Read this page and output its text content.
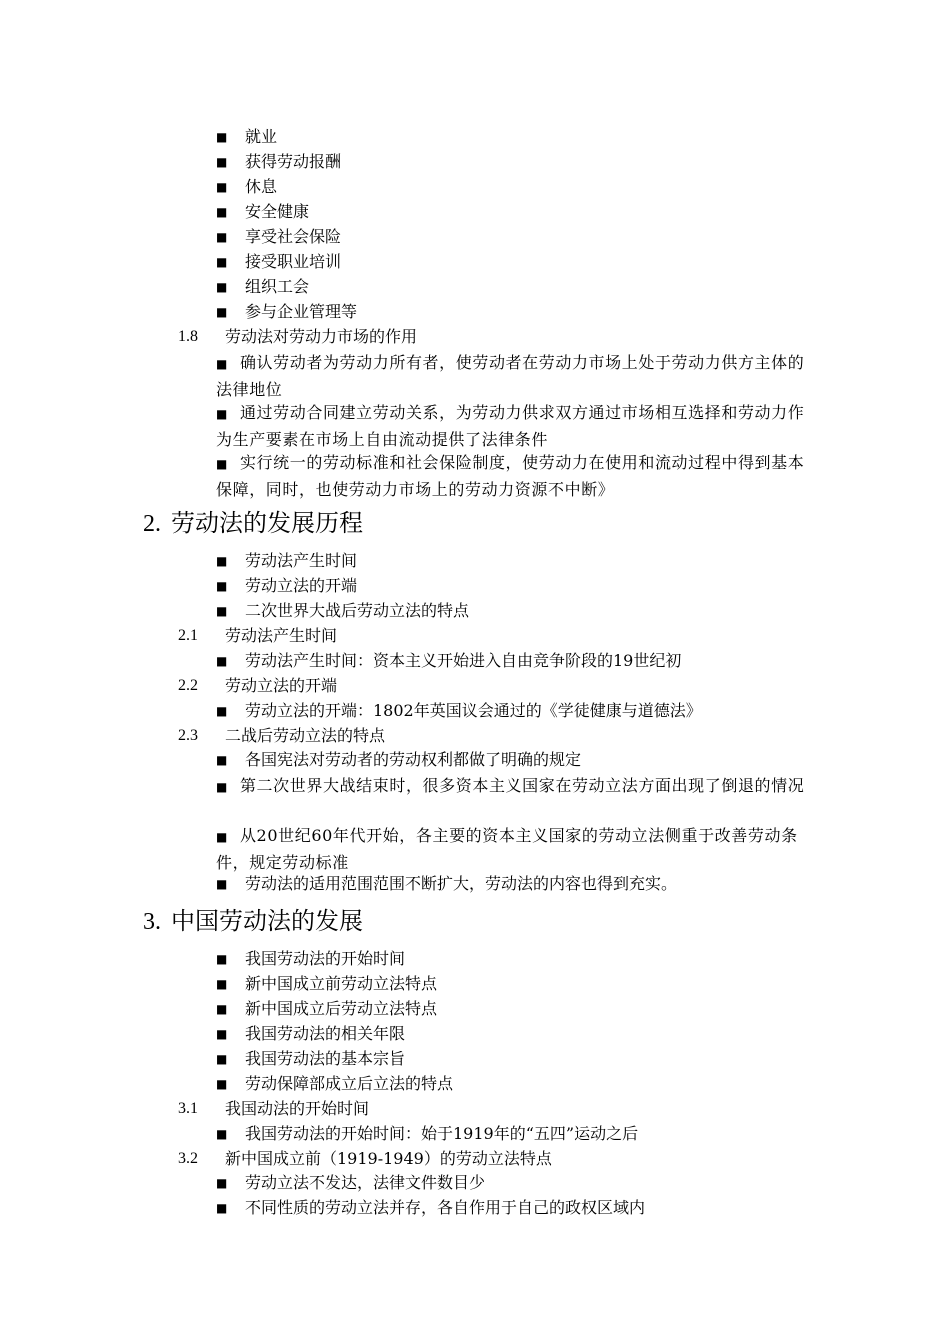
■ 就业
■ 获得劳动报酬
■ 休息
■ 安全健康
■ 享受社会保险
■ 接受职业培训
■ 组织工会
■ 参与企业管理等
1.8 劳动法对劳动力市场的作用
■ 确认劳动者为劳动力所有者，使劳动者在劳动力市场上处于劳动力供方主体的法律地位
■ 通过劳动合同建立劳动关系，为劳动力供求双方通过市场相互选择和劳动力作为生产要素在市场上自由流动提供了法律条件
■ 实行统一的劳动标准和社会保险制度，使劳动力在使用和流动过程中得到基本保障，同时，也使劳动力市场上的劳动力资源不中断》
2. 劳动法的发展历程
■ 劳动法产生时间
■ 劳动立法的开端
■ 二次世界大战后劳动立法的特点
2.1 劳动法产生时间
■ 劳动法产生时间：资本主义开始进入自由竞争阶段的19世纪初
2.2 劳动立法的开端
■ 劳动立法的开端：1802年英国议会通过的《学徒健康与道德法》
2.3 二战后劳动立法的特点
■ 各国宪法对劳动者的劳动权利都做了明确的规定
■ 第二次世界大战结束时，很多资本主义国家在劳动立法方面出现了倒退的情况
■ 从20世纪60年代开始，各主要的资本主义国家的劳动立法侧重于改善劳动条件，规定劳动标准
■ 劳动法的适用范围范围不断扩大，劳动法的内容也得到充实。
3. 中国劳动法的发展
■ 我国劳动法的开始时间
■ 新中国成立前劳动立法特点
■ 新中国成立后劳动立法特点
■ 我国劳动法的相关年限
■ 我国劳动法的基本宗旨
■ 劳动保障部成立后立法的特点
3.1 我国动法的开始时间
■ 我国劳动法的开始时间：始于1919年的“五四”运动之后
3.2 新中国成立前（1919-1949）的劳动立法特点
■ 劳动立法不发达，法律文件数目少
■ 不同性质的劳动立法并存，各自作用于自己的政权区域内
